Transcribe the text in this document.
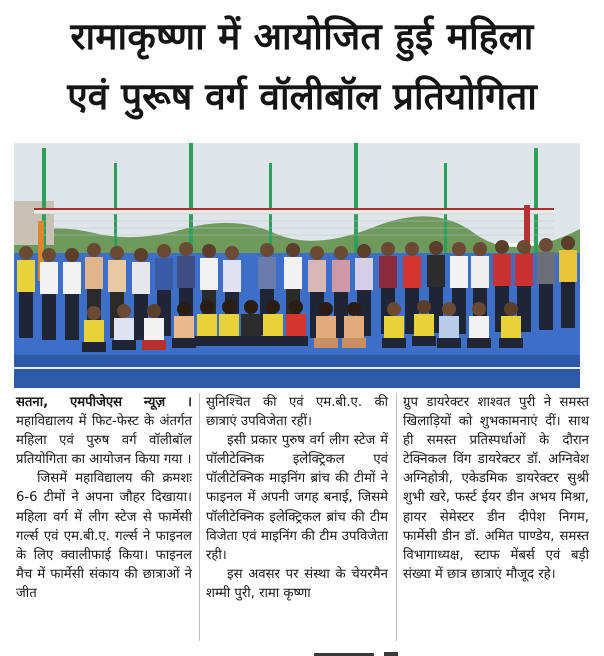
रामाकृष्णा में आयोजित हुई महिला
एवं पुरूष वर्ग वॉलीबॉल प्रतियोगिता

सतना, एमपीजेएस न्यूज़ । महाविद्यालय में फिट-फेस्ट के अंतर्गत महिला एवं पुरुष वर्ग वॉलीबॉल प्रतियोगिता का आयोजन किया गया ।

जिसमें महाविद्यालय की क्रमशः 6-6 टीमों ने अपना जौहर दिखाया। महिला वर्ग में लीग स्टेज से फार्मेसी गर्ल्स एवं एम.बी.ए. गर्ल्स ने फाइनल के लिए क्वालीफाई किया। फाइनल मैच में फार्मेसी संकाय की छात्राओं ने जीत

सुनिश्चित की एवं एम.बी.ए. की छात्राएं उपविजेता रहीं।

इसी प्रकार पुरुष वर्ग लीग स्टेज में पॉलीटेक्निक इलेक्ट्रिकल एवं पॉलीटेक्निक माइनिंग ब्रांच की टीमों ने फाइनल में अपनी जगह बनाई, जिसमे पॉलीटेक्निक इलेक्ट्रिकल ब्रांच की टीम विजेता एवं माइनिंग की टीम उपविजेता रही।

इस अवसर पर संस्था के चेयरमैन शम्मी पुरी, रामा कृष्णा

ग्रुप डायरेक्टर शाश्वत पुरी ने समस्त खिलाड़ियों को शुभकामनाएं दीं। साथ ही समस्त प्रतिस्पर्धाओं के दौरान टेक्निकल विंग डायरेक्टर डॉ. अग्निवेश अग्निहोत्री, एकेडमिक डायरेक्टर सुश्री शुभी खरे, फर्स्ट ईयर डीन अभय मिश्रा, हायर सेमेस्टर डीन दीपेश निगम, फार्मेसी डीन डॉ. अमित पाण्डेय, समस्त विभागाध्यक्ष, स्टाफ मेंबर्स एवं बड़ी संख्या में छात्र छात्राएं मौजूद रहे।
